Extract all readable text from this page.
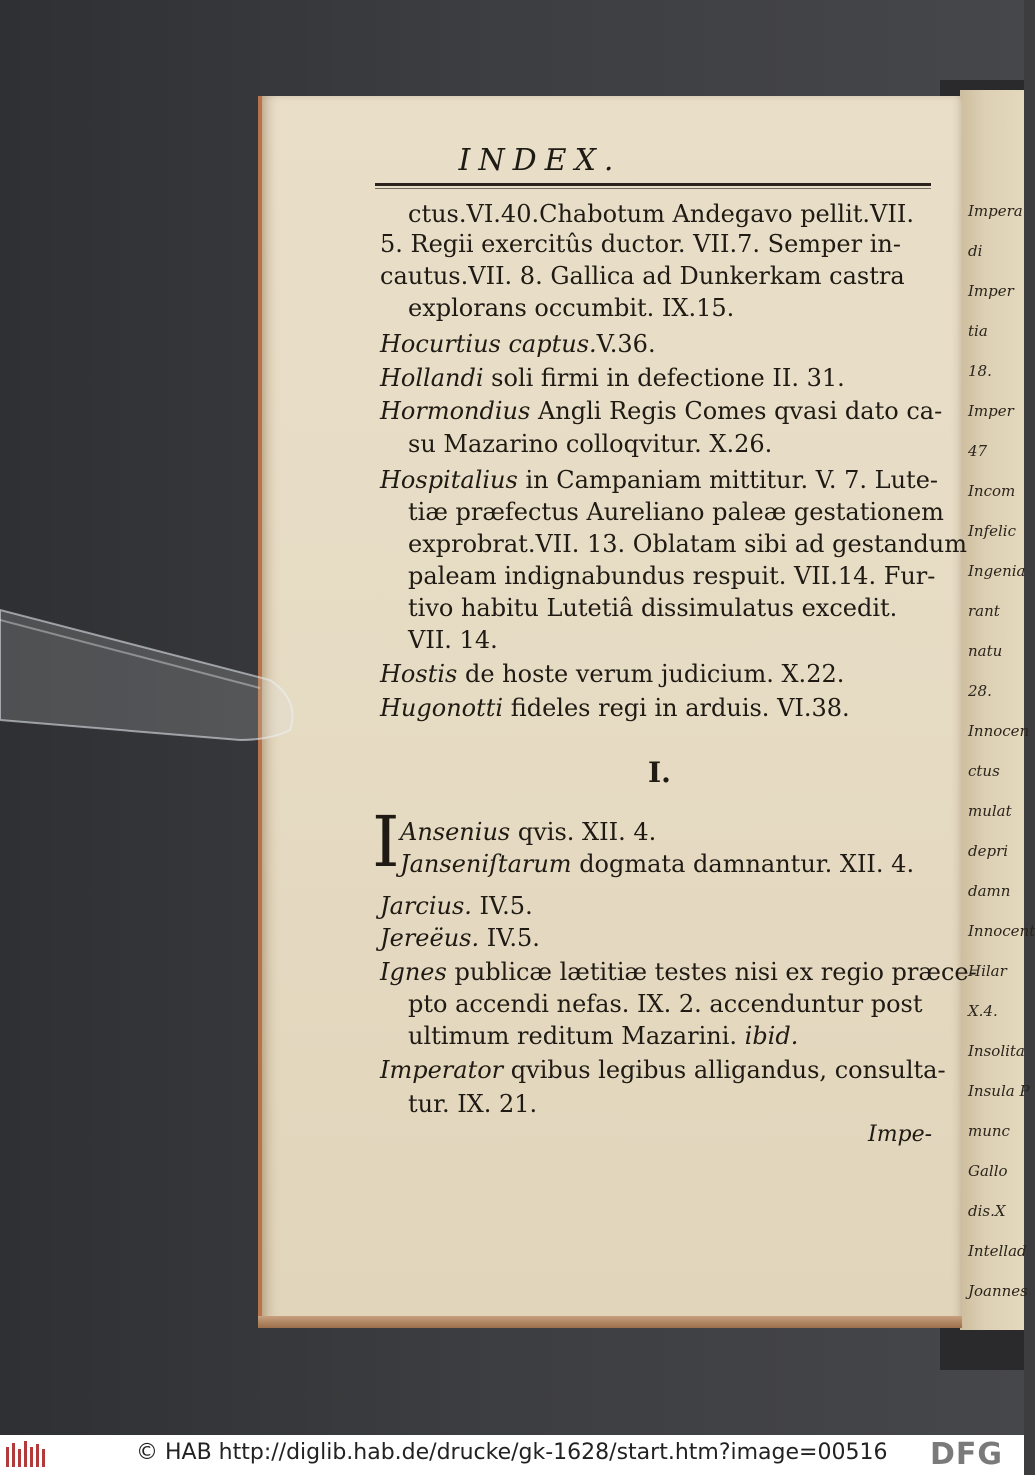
Impera
di
Imper
tia
18.
Imper
47
Incom
Infelic
Ingenia
rant
natu
28.
Innocen
ctus
mulat
depri
damn
Innocent
Hilar
X.4.
Insolita
Insula P
munc
Gallo
dis.X
Intellad
Joannes
INDEX.
ctus.VI.40.Chabotum Andegavo pellit.VII.
5. Regii exercitûs ductor. VII.7. Semper in-
cautus.VII. 8. Gallica ad Dunkerkam castra
explorans occumbit. IX.15.
Hocurtius captus.V.36.
Hollandi soli firmi in defectione II. 31.
Hormondius Angli Regis Comes qvasi dato ca-
su Mazarino colloqvitur. X.26.
Hospitalius in Campaniam mittitur. V. 7. Lute-
tiæ præfectus Aureliano paleæ gestationem
exprobrat.VII. 13. Oblatam sibi ad gestandum
paleam indignabundus respuit. VII.14. Fur-
tivo habitu Lutetiâ dissimulatus excedit.
VII. 14.
Hostis de hoste verum judicium. X.22.
Hugonotti fideles regi in arduis. VI.38.
Ansenius qvis. XII. 4.
Janseniſtarum dogmata damnantur. XII. 4.
Jarcius. IV.5.
Jereëus. IV.5.
Ignes publicæ lætitiæ testes nisi ex regio præce-
pto accendi nefas. IX. 2. accenduntur post
ultimum reditum Mazarini. ibid.
Imperator qvibus legibus alligandus, consulta-
tur. IX. 21.
I.
I
Impe-
© HAB http://diglib.hab.de/drucke/gk-1628/start.htm?image=00516 DFG
